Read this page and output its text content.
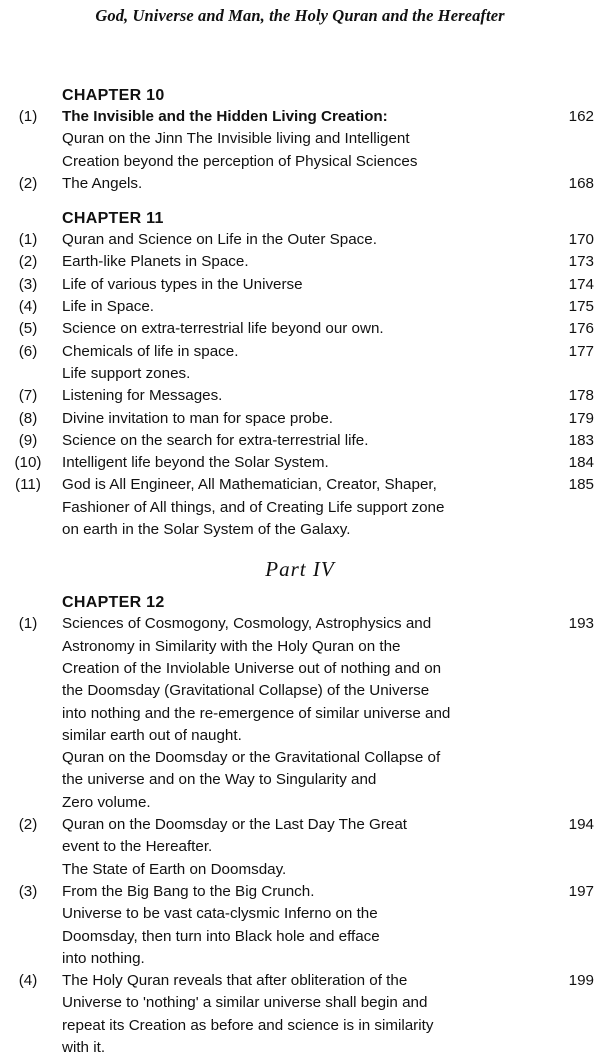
God, Universe and Man, the Holy Quran and the Hereafter
CHAPTER 10
(1)	The Invisible and the Hidden Living Creation:
Quran on the Jinn The Invisible living and Intelligent
Creation beyond the perception of Physical Sciences
162
(2)	The Angels.	168
CHAPTER 11
(1)	Quran and Science on Life in the Outer Space.	170
(2)	Earth-like Planets in Space.	173
(3)	Life of various types in the Universe	174
(4)	Life in Space.	175
(5)	Science on extra-terrestrial life beyond our own.	176
(6)	Chemicals of life in space.
Life support zones.
177
(7)	Listening for Messages.	178
(8)	Divine invitation to man for space probe.	179
(9)	Science on the search for extra-terrestrial life.	183
(10)	Intelligent life beyond the Solar System.	184
(11)	God is All Engineer, All Mathematician, Creator, Shaper,
Fashioner of All things, and of Creating Life support zone
on earth in the Solar System of the Galaxy.
185
Part IV
CHAPTER 12
(1)	Sciences of Cosmogony, Cosmology, Astrophysics and
Astronomy in Similarity with the Holy Quran on the
Creation of the Inviolable Universe out of nothing and on
the Doomsday (Gravitational Collapse) of the Universe
into nothing and the re-emergence of similar universe and
similar earth out of naught.
Quran on the Doomsday or the Gravitational Collapse of
the universe and on the Way to Singularity and
Zero volume.
193
(2)	Quran on the Doomsday or the Last Day The Great
event to the Hereafter.
The State of Earth on Doomsday.
194
(3)	From the Big Bang to the Big Crunch.
Universe to be vast cata-clysmic Inferno on the
Doomsday, then turn into Black hole and efface
into nothing.
197
(4)	The Holy Quran reveals that after obliteration of the
Universe to 'nothing' a similar universe shall begin and
repeat its Creation as before and science is in similarity
with it.
199
